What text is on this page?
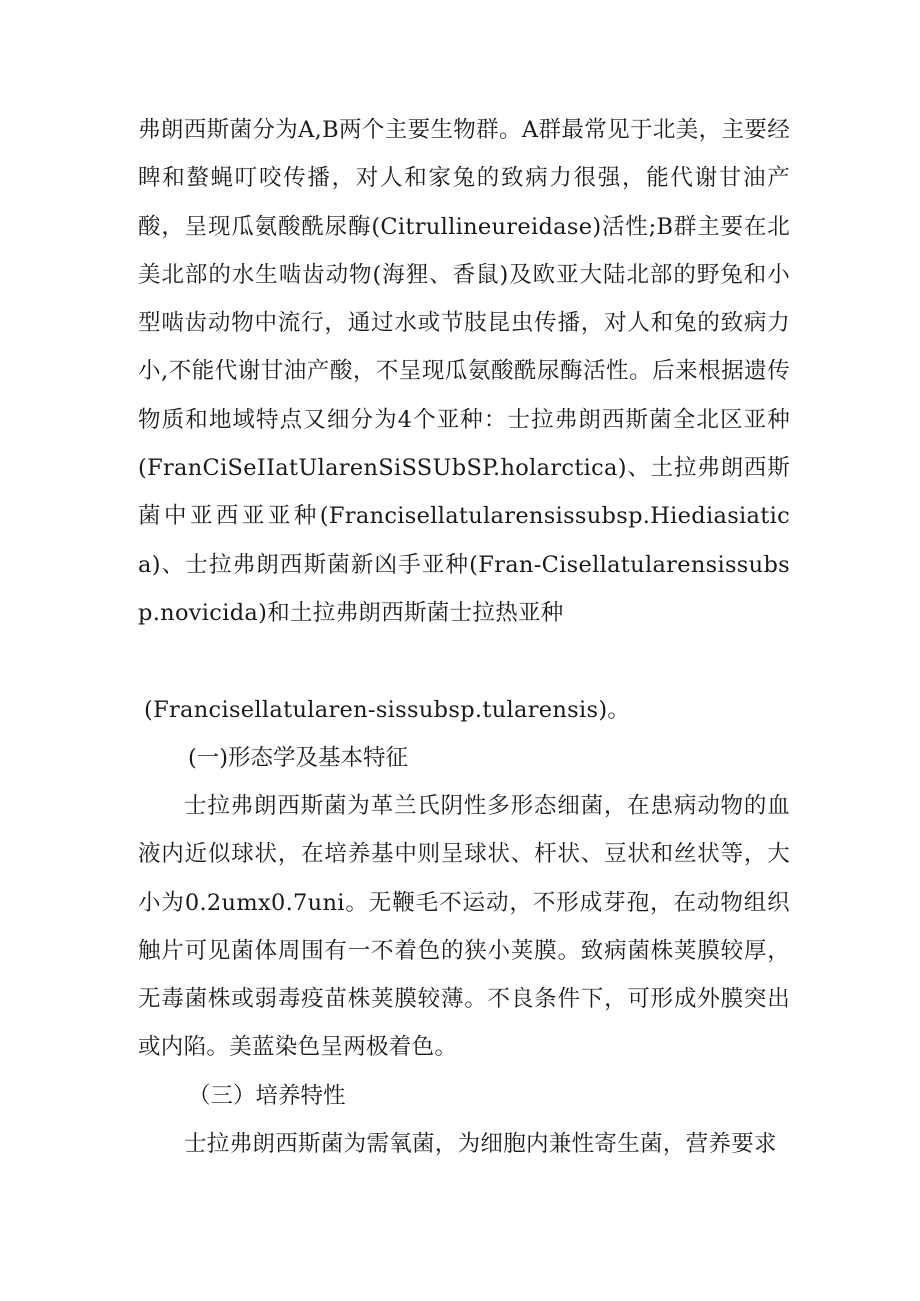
弗朗西斯菌分为A,B两个主要生物群。A群最常见于北美，主要经睥和螯蝇叮咬传播，对人和家兔的致病力很强，能代谢甘油产酸，呈现瓜氨酸酰尿酶(Citrullineureidase)活性;B群主要在北美北部的水生啮齿动物(海狸、香鼠)及欧亚大陆北部的野兔和小型啮齿动物中流行，通过水或节肢昆虫传播，对人和兔的致病力小,不能代谢甘油产酸，不呈现瓜氨酸酰尿酶活性。后来根据遗传物质和地域特点又细分为4个亚种：士拉弗朗西斯菌全北区亚种(FranCiSeIIatUlarenSiSSUbSP.holarctica)、土拉弗朗西斯菌中亚西亚亚种(Francisellatularensissubsp.Hiediasiatica)、士拉弗朗西斯菌新凶手亚种(Fran-Cisellatularensissubsp.novicida)和土拉弗朗西斯菌士拉热亚种

(Francisellatularen-sissubsp.tularensis)。

(一)形态学及基本特征

士拉弗朗西斯菌为革兰氏阴性多形态细菌，在患病动物的血液内近似球状，在培养基中则呈球状、杆状、豆状和丝状等，大小为0.2umx0.7uni。无鞭毛不运动，不形成芽孢，在动物组织触片可见菌体周围有一不着色的狭小荚膜。致病菌株荚膜较厚，无毒菌株或弱毒疫苗株荚膜较薄。不良条件下，可形成外膜突出或内陷。美蓝染色呈两极着色。

（三）培养特性

士拉弗朗西斯菌为需氧菌，为细胞内兼性寄生菌，营养要求
